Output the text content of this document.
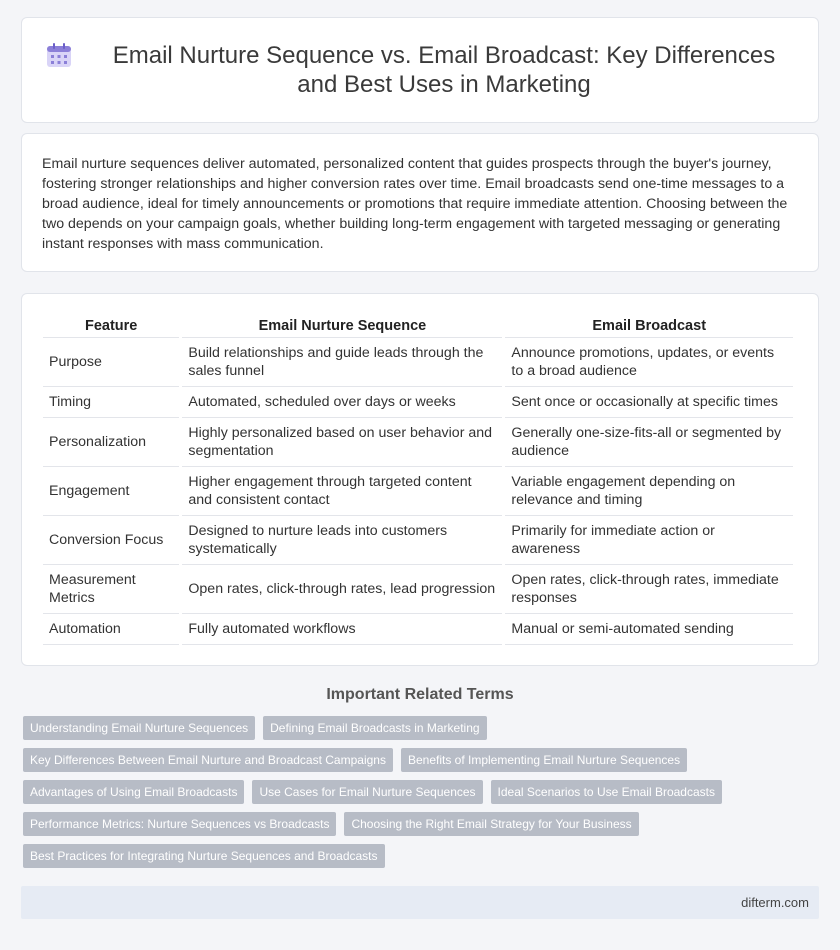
Email Nurture Sequence vs. Email Broadcast: Key Differences and Best Uses in Marketing

Email nurture sequences deliver automated, personalized content that guides prospects through the buyer's journey, fostering stronger relationships and higher conversion rates over time. Email broadcasts send one-time messages to a broad audience, ideal for timely announcements or promotions that require immediate attention. Choosing between the two depends on your campaign goals, whether building long-term engagement with targeted messaging or generating instant responses with mass communication.

Feature	Email Nurture Sequence	Email Broadcast
Purpose	Build relationships and guide leads through the sales funnel	Announce promotions, updates, or events to a broad audience
Timing	Automated, scheduled over days or weeks	Sent once or occasionally at specific times
Personalization	Highly personalized based on user behavior and segmentation	Generally one-size-fits-all or segmented by audience
Engagement	Higher engagement through targeted content and consistent contact	Variable engagement depending on relevance and timing
Conversion Focus	Designed to nurture leads into customers systematically	Primarily for immediate action or awareness
Measurement Metrics	Open rates, click-through rates, lead progression	Open rates, click-through rates, immediate responses
Automation	Fully automated workflows	Manual or semi-automated sending
Important Related Terms
Understanding Email Nurture Sequences	Defining Email Broadcasts in Marketing
Key Differences Between Email Nurture and Broadcast Campaigns	Benefits of Implementing Email Nurture Sequences
Advantages of Using Email Broadcasts	Use Cases for Email Nurture Sequences	Ideal Scenarios to Use Email Broadcasts
Performance Metrics: Nurture Sequences vs Broadcasts	Choosing the Right Email Strategy for Your Business
Best Practices for Integrating Nurture Sequences and Broadcasts
difterm.com
